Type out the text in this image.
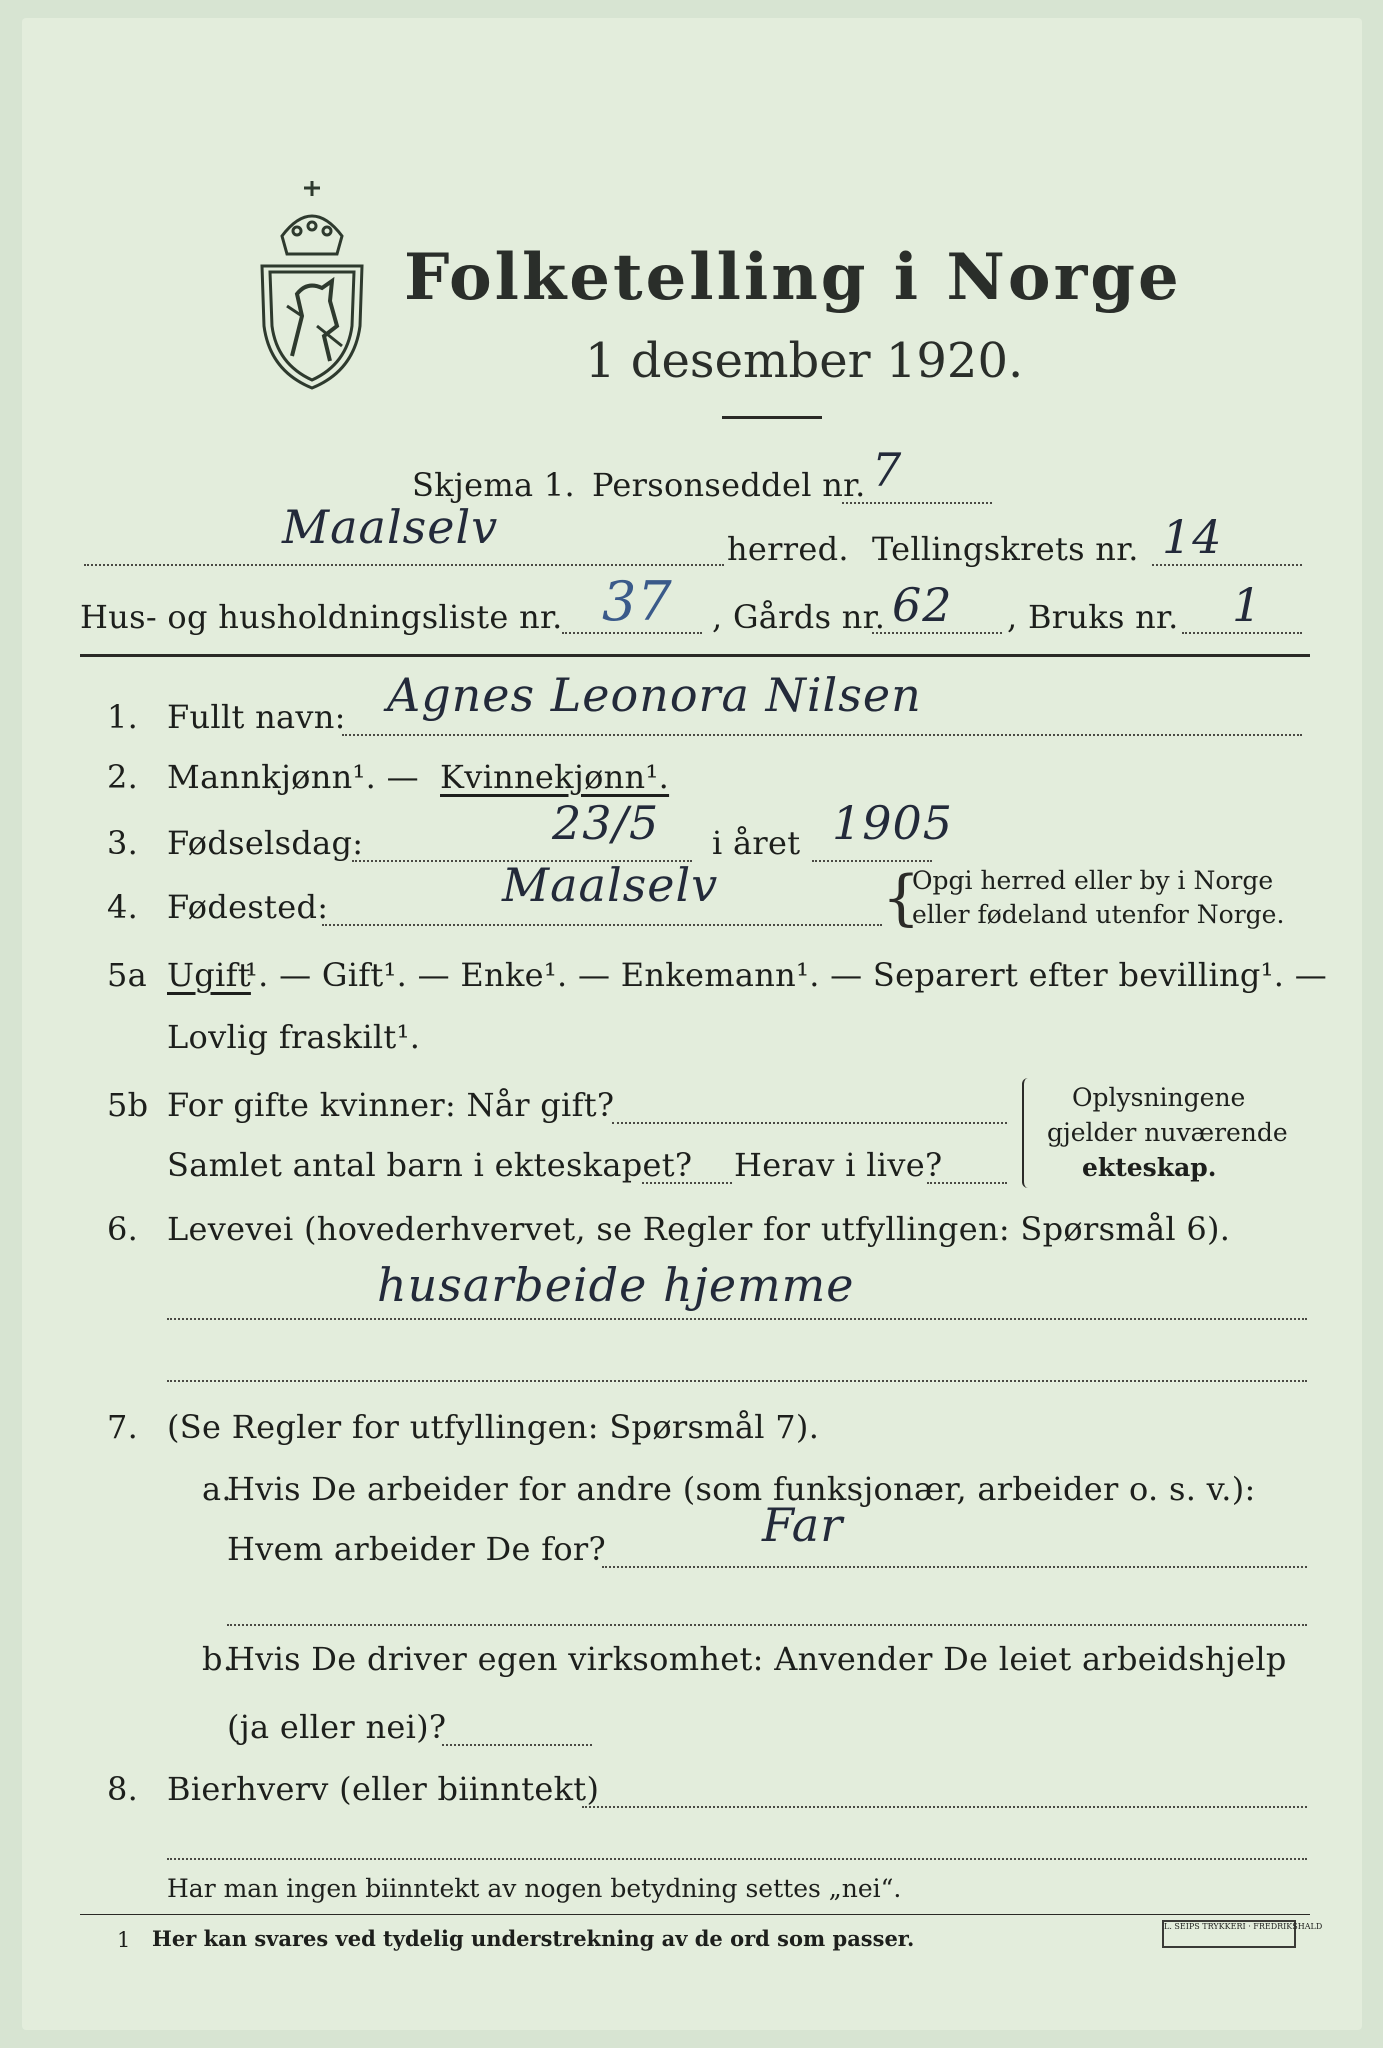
Folketelling i Norge
1 desember 1920.
Skjema 1. Personseddel nr. 7
Maalselv	herred. Tellingskrets nr. 14
Hus- og husholdningsliste nr. 37 , Gårds nr. 62 , Bruks nr. 1
1. Fullt navn: Agnes Leonora Nilsen
2. Mannkjønn¹. — Kvinnekjønn¹.
3. Fødselsdag:	23/5 i året 1905
4. Fødested:	Maalselv	{
Opgi herred eller by i Norge
eller fødeland utenfor Norge.
5a Ugift
¹. — Gift¹. — Enke¹. — Enkemann¹. — Separert efter bevilling¹. —
Lovlig fraskilt¹.
5b For gifte kvinner: Når gift?
Samlet antal barn i ekteskapet? Herav i live?
Oplysningene
gjelder nuværende
ekteskap.
6. Levevei (hovederhvervet, se Regler for utfyllingen: Spørsmål 6).
husarbeide hjemme
7. (Se Regler for utfyllingen: Spørsmål 7).
a.
Hvis De arbeider for andre (som funksjonær, arbeider o. s. v.):
Hvem arbeider De for?	Far
b.
Hvis De driver egen virksomhet: Anvender De leiet arbeidshjelp
(ja eller nei)?
8. Bierhverv (eller biinntekt)
Har man ingen biinntekt av nogen betydning settes „nei“.
1 Her kan svares ved tydelig understrekning av de ord som passer.	L. SEIPS TRYKKERI · FREDRIKSHALD
